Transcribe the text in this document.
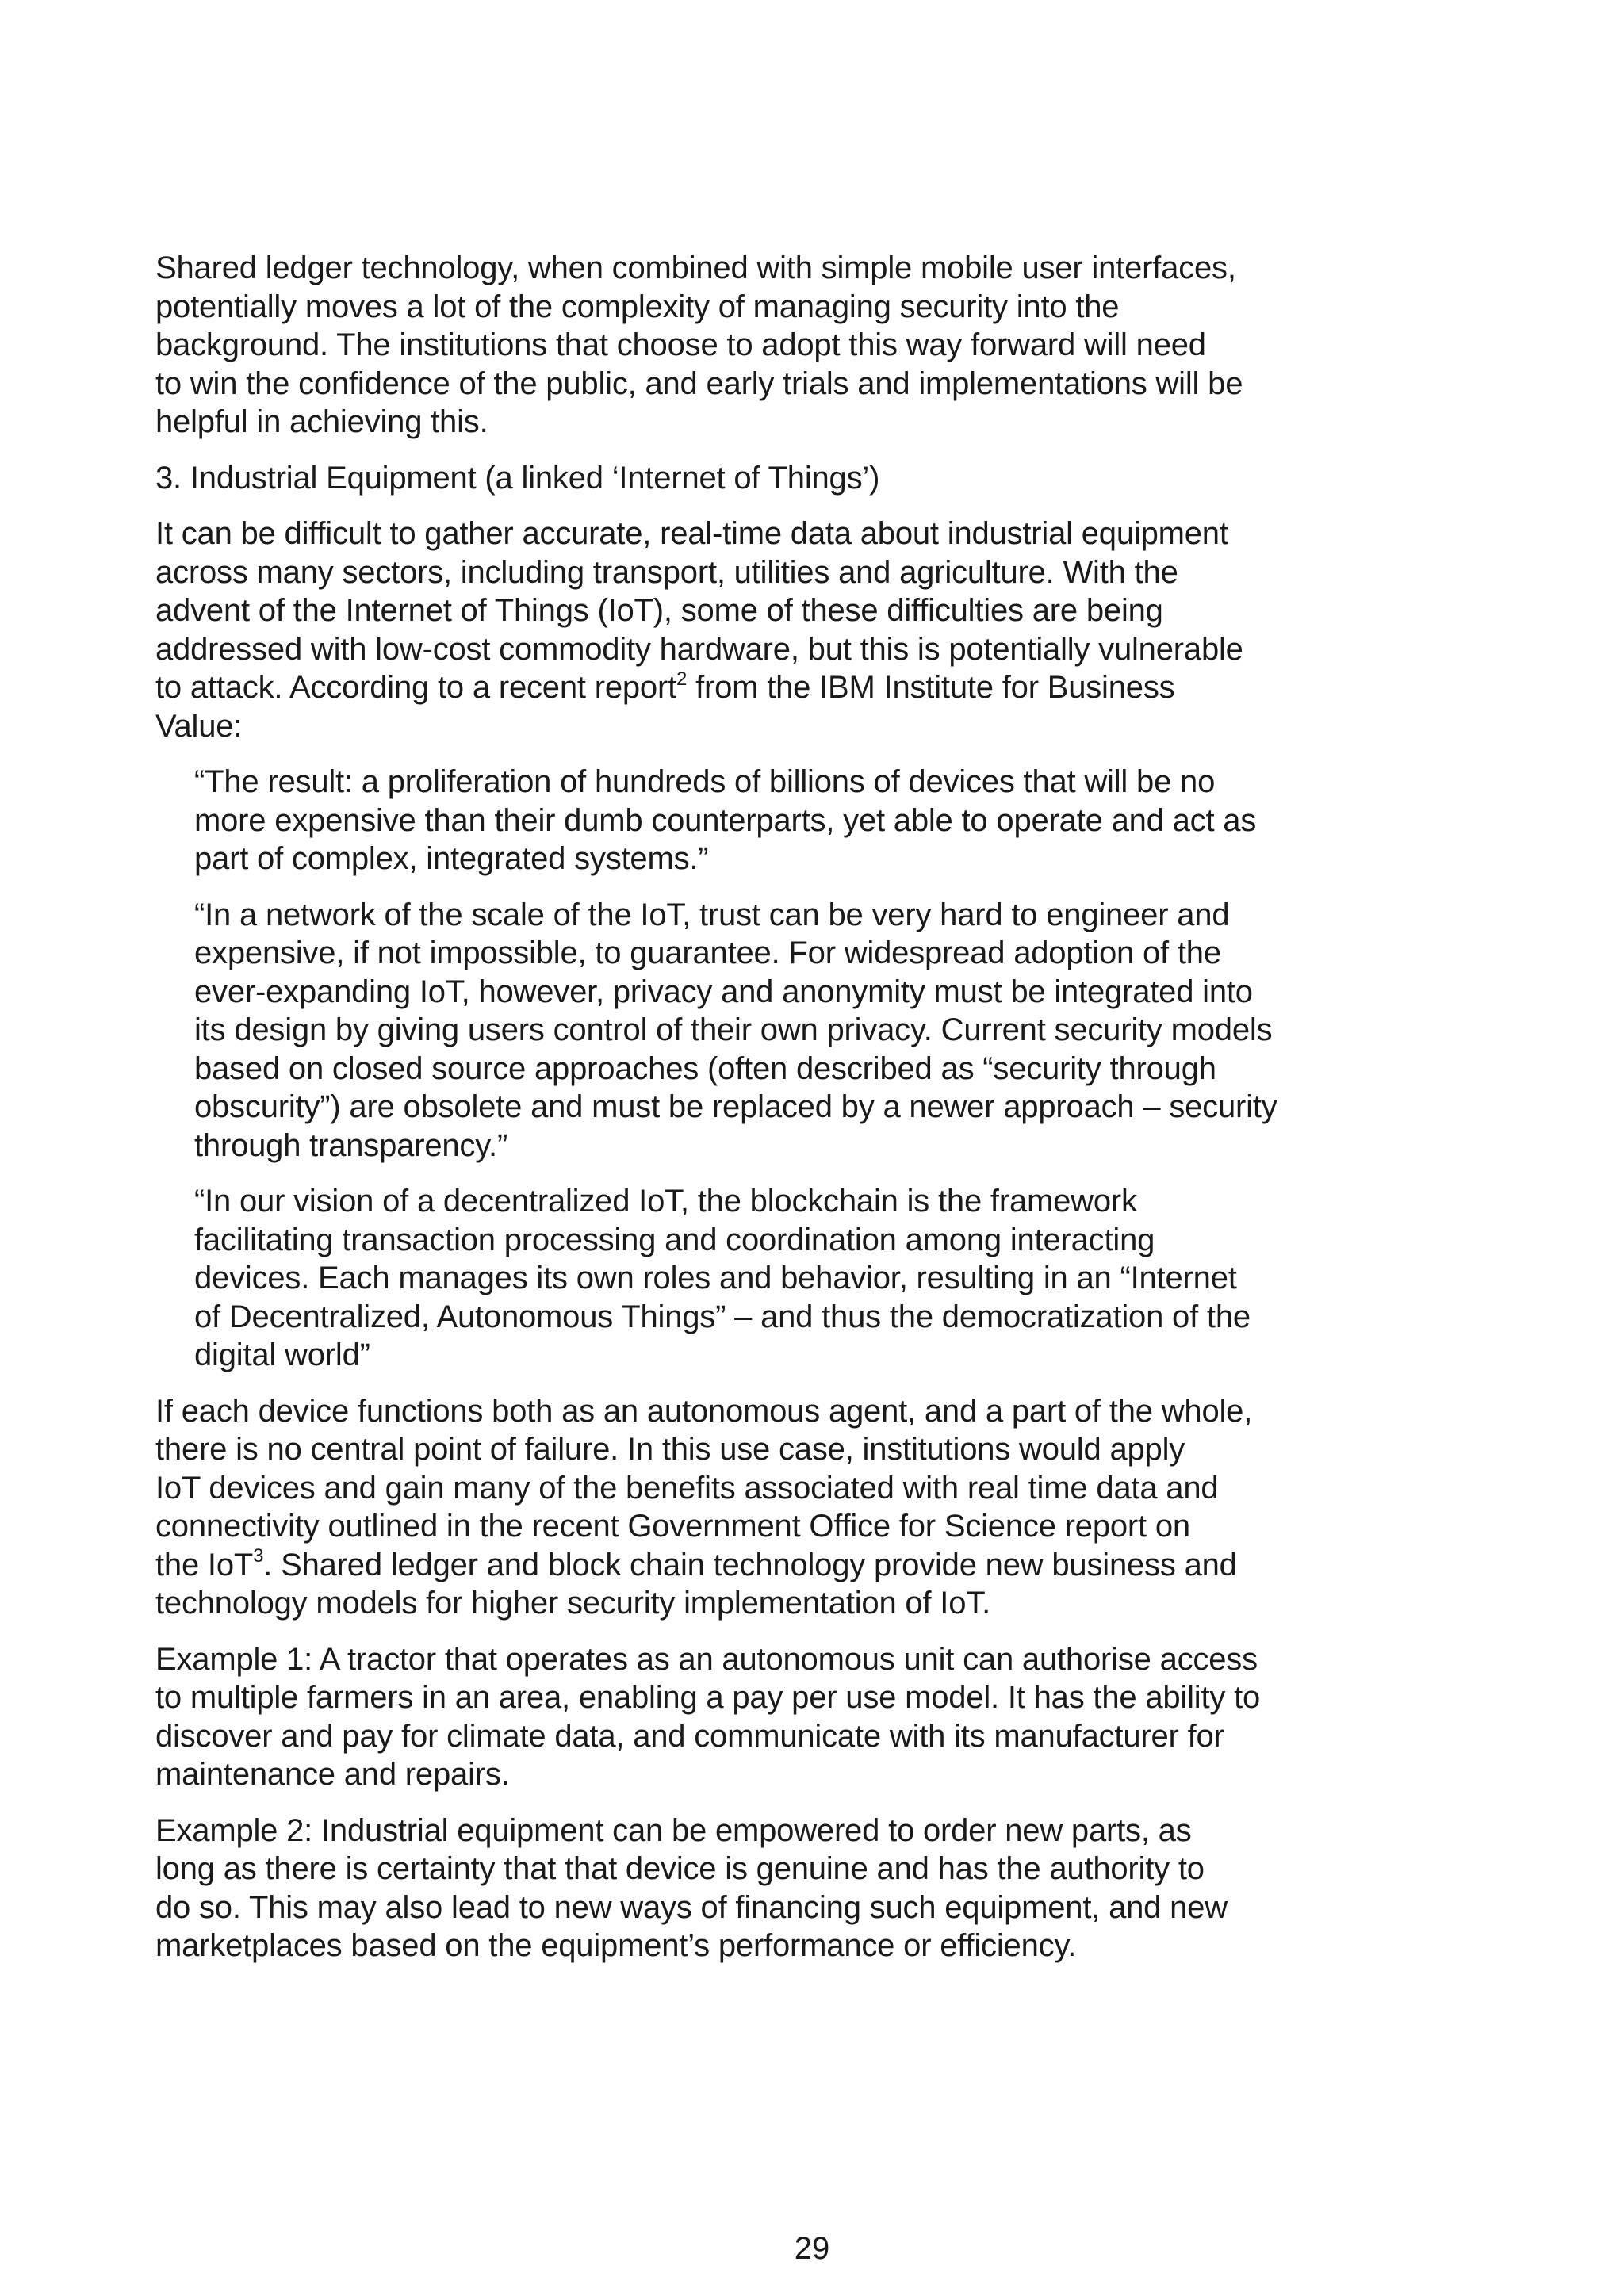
Shared ledger technology, when combined with simple mobile user interfaces,
potentially moves a lot of the complexity of managing security into the
background. The institutions that choose to adopt this way forward will need
to win the confidence of the public, and early trials and implementations will be
helpful in achieving this.

3. Industrial Equipment (a linked ‘Internet of Things’)

It can be difficult to gather accurate, real-time data about industrial equipment
across many sectors, including transport, utilities and agriculture. With the
advent of the Internet of Things (IoT), some of these difficulties are being
addressed with low-cost commodity hardware, but this is potentially vulnerable
to attack. According to a recent report$^2$ from the IBM Institute for Business
Value:

“The result: a proliferation of hundreds of billions of devices that will be no
more expensive than their dumb counterparts, yet able to operate and act as
part of complex, integrated systems.”
“In a network of the scale of the IoT, trust can be very hard to engineer and
expensive, if not impossible, to guarantee. For widespread adoption of the
ever-expanding IoT, however, privacy and anonymity must be integrated into
its design by giving users control of their own privacy. Current security models
based on closed source approaches (often described as “security through
obscurity”) are obsolete and must be replaced by a newer approach – security
through transparency.”
“In our vision of a decentralized IoT, the blockchain is the framework
facilitating transaction processing and coordination among interacting
devices. Each manages its own roles and behavior, resulting in an “Internet
of Decentralized, Autonomous Things” – and thus the democratization of the
digital world”

If each device functions both as an autonomous agent, and a part of the whole,
there is no central point of failure. In this use case, institutions would apply
IoT devices and gain many of the benefits associated with real time data and
connectivity outlined in the recent Government Office for Science report on
the IoT$^3$. Shared ledger and block chain technology provide new business and
technology models for higher security implementation of IoT.

Example 1: A tractor that operates as an autonomous unit can authorise access
to multiple farmers in an area, enabling a pay per use model. It has the ability to
discover and pay for climate data, and communicate with its manufacturer for
maintenance and repairs.

Example 2: Industrial equipment can be empowered to order new parts, as
long as there is certainty that that device is genuine and has the authority to
do so. This may also lead to new ways of financing such equipment, and new
marketplaces based on the equipment’s performance or efficiency.

29
